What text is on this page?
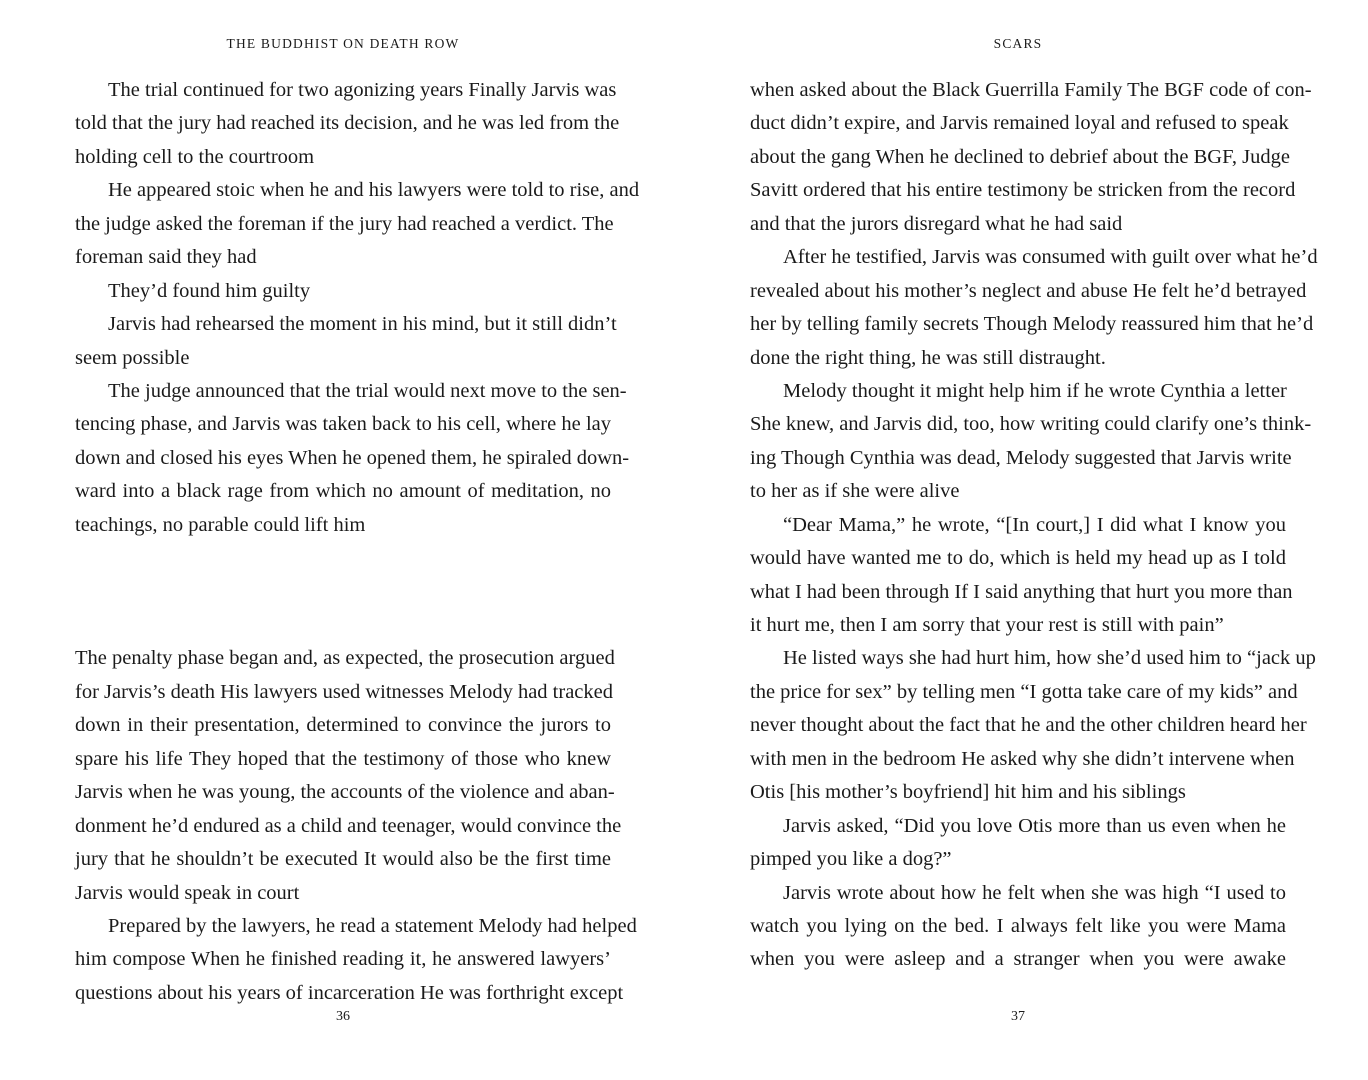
THE BUDDHIST ON DEATH ROW
The trial continued for two agonizing years Finally Jarvis was
told that the jury had reached its decision, and he was led from the
holding cell to the courtroom
He appeared stoic when he and his lawyers were told to rise, and
the judge asked the foreman if the jury had reached a verdict. The
foreman said they had
They’d found him guilty
Jarvis had rehearsed the moment in his mind, but it still didn’t
seem possible
The judge announced that the trial would next move to the sen-
tencing phase, and Jarvis was taken back to his cell, where he lay
down and closed his eyes When he opened them, he spiraled down-
ward into a black rage from which no amount of meditation, no
teachings, no parable could lift him
The penalty phase began and, as expected, the prosecution argued
for Jarvis’s death His lawyers used witnesses Melody had tracked
down in their presentation, determined to convince the jurors to
spare his life They hoped that the testimony of those who knew
Jarvis when he was young, the accounts of the violence and aban-
donment he’d endured as a child and teenager, would convince the
jury that he shouldn’t be executed It would also be the first time
Jarvis would speak in court
Prepared by the lawyers, he read a statement Melody had helped
him compose When he finished reading it, he answered lawyers’
questions about his years of incarceration He was forthright except
36
SCARS
when asked about the Black Guerrilla Family The BGF code of con-
duct didn’t expire, and Jarvis remained loyal and refused to speak
about the gang When he declined to debrief about the BGF, Judge
Savitt ordered that his entire testimony be stricken from the record
and that the jurors disregard what he had said
After he testified, Jarvis was consumed with guilt over what he’d
revealed about his mother’s neglect and abuse He felt he’d betrayed
her by telling family secrets Though Melody reassured him that he’d
done the right thing, he was still distraught.
Melody thought it might help him if he wrote Cynthia a letter
She knew, and Jarvis did, too, how writing could clarify one’s think-
ing Though Cynthia was dead, Melody suggested that Jarvis write
to her as if she were alive
“Dear Mama,” he wrote, “[In court,] I did what I know you
would have wanted me to do, which is held my head up as I told
what I had been through If I said anything that hurt you more than
it hurt me, then I am sorry that your rest is still with pain”
He listed ways she had hurt him, how she’d used him to “jack up
the price for sex” by telling men “I gotta take care of my kids” and
never thought about the fact that he and the other children heard her
with men in the bedroom He asked why she didn’t intervene when
Otis [his mother’s boyfriend] hit him and his siblings
Jarvis asked, “Did you love Otis more than us even when he
pimped you like a dog?”
Jarvis wrote about how he felt when she was high “I used to
watch you lying on the bed. I always felt like you were Mama
when you were asleep and a stranger when you were awake
37
